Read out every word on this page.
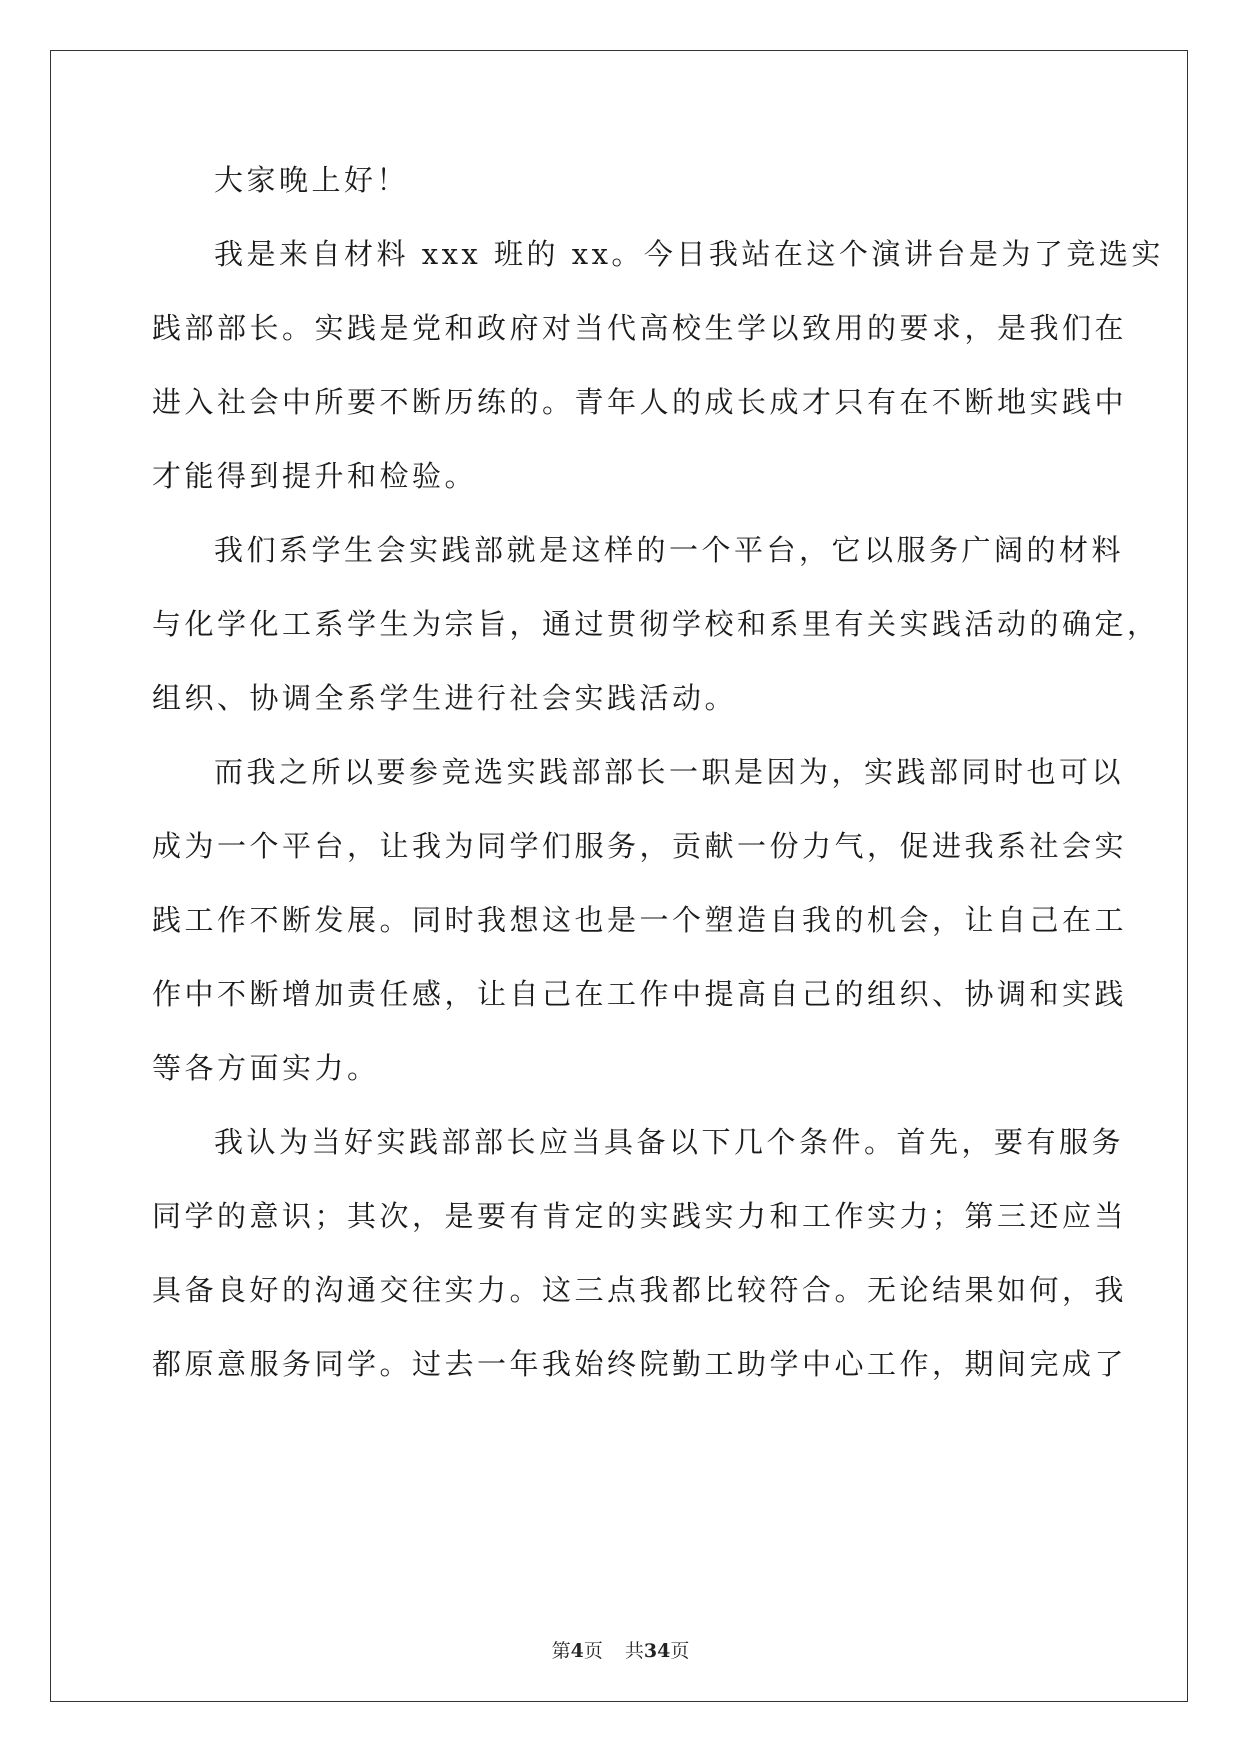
大家晚上好！
我是来自材料 xxx 班的 xx。今日我站在这个演讲台是为了竞选实
践部部长。实践是党和政府对当代高校生学以致用的要求，是我们在
进入社会中所要不断历练的。青年人的成长成才只有在不断地实践中
才能得到提升和检验。
我们系学生会实践部就是这样的一个平台，它以服务广阔的材料
与化学化工系学生为宗旨，通过贯彻学校和系里有关实践活动的确定，
组织、协调全系学生进行社会实践活动。
而我之所以要参竞选实践部部长一职是因为，实践部同时也可以
成为一个平台，让我为同学们服务，贡献一份力气，促进我系社会实
践工作不断发展。同时我想这也是一个塑造自我的机会，让自己在工
作中不断增加责任感，让自己在工作中提高自己的组织、协调和实践
等各方面实力。
我认为当好实践部部长应当具备以下几个条件。首先，要有服务
同学的意识；其次，是要有肯定的实践实力和工作实力；第三还应当
具备良好的沟通交往实力。这三点我都比较符合。无论结果如何，我
都原意服务同学。过去一年我始终院勤工助学中心工作，期间完成了
第4页 共34页
